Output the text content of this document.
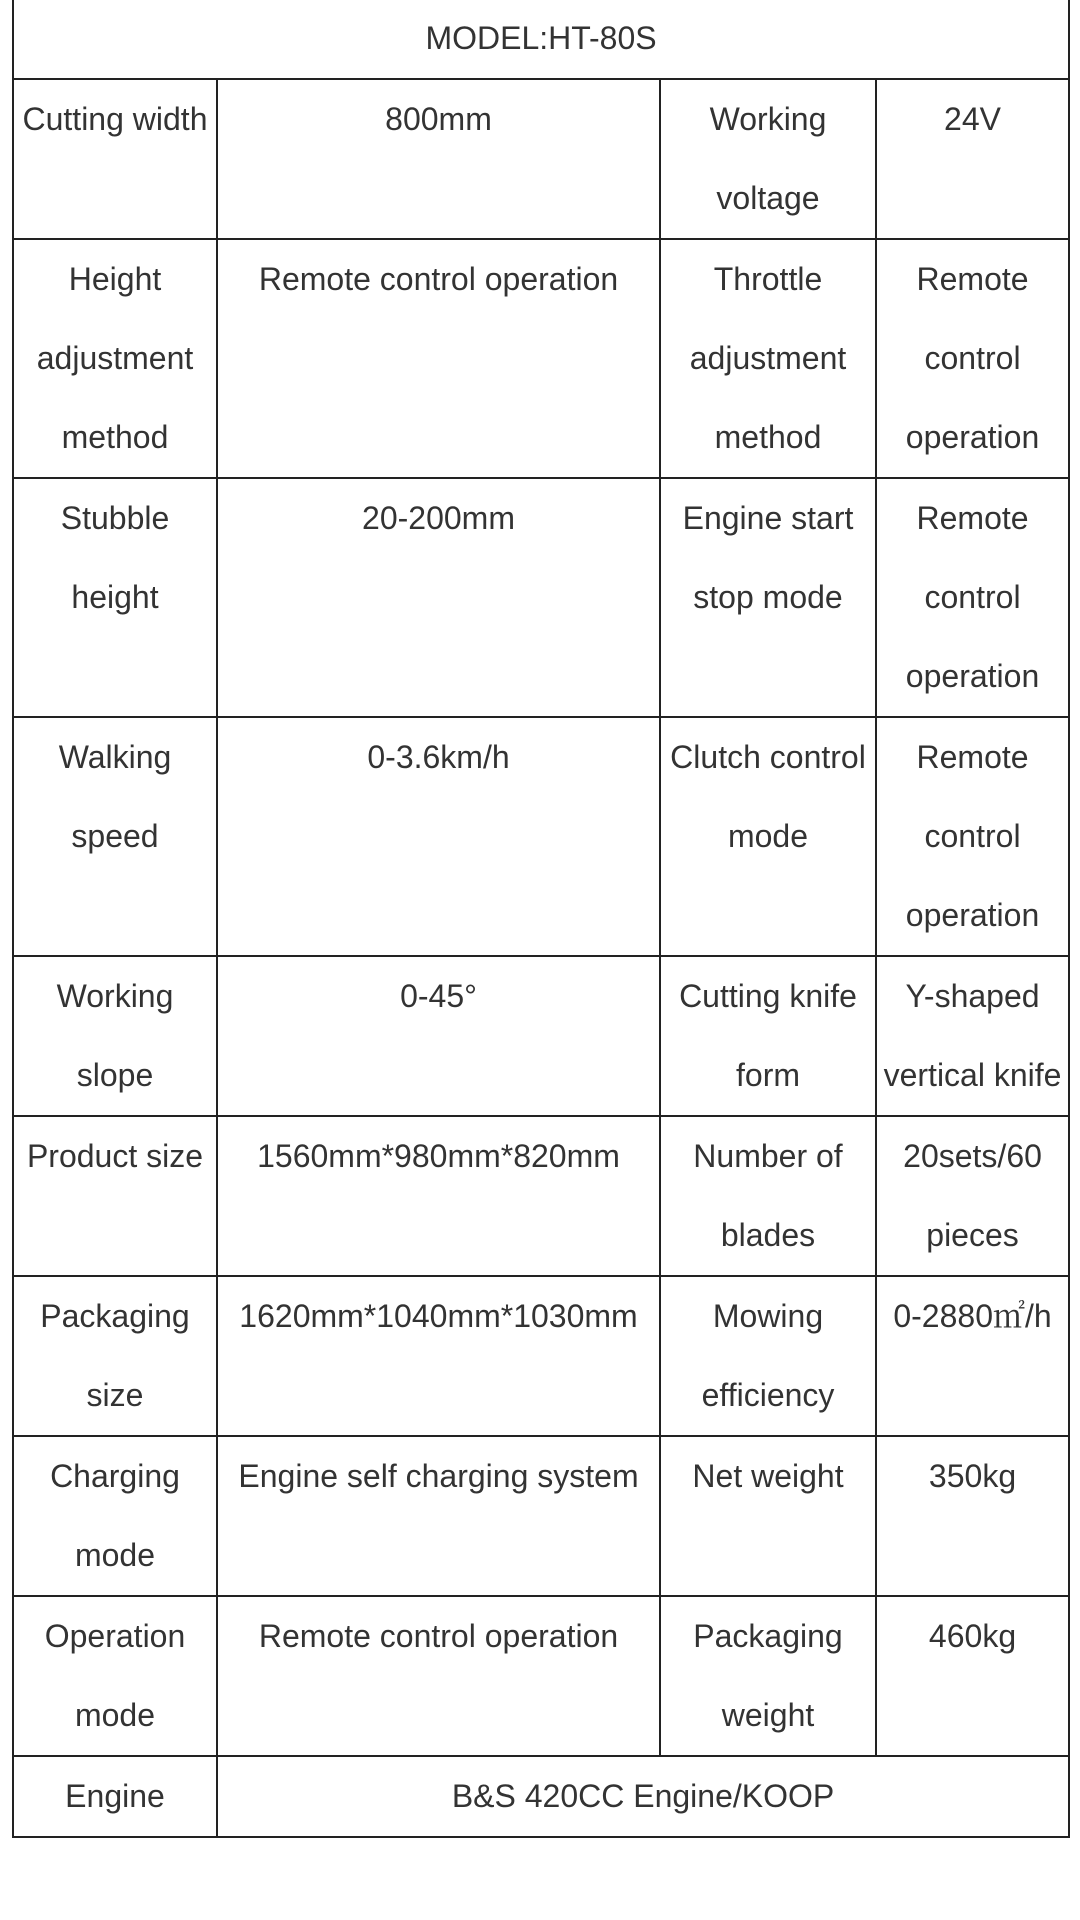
MODEL:HT-80S			
Cutting width	800mm	Working voltage	24V
Height adjustment method	Remote control operation	Throttle adjustment method	Remote control operation
Stubble height	20-200mm	Engine start stop mode	Remote control operation
Walking speed	0-3.6km/h	Clutch control mode	Remote control operation
Working slope	0-45°	Cutting knife form	Y-shaped vertical knife
Product size	1560mm*980mm*820mm	Number of blades	20sets/60 pieces
Packaging size	1620mm*1040mm*1030mm	Mowing efficiency	0-2880㎡/h
Charging mode	Engine self charging system	Net weight	350kg
Operation mode	Remote control operation	Packaging weight	460kg
Engine	B&S 420CC Engine/KOOP		
